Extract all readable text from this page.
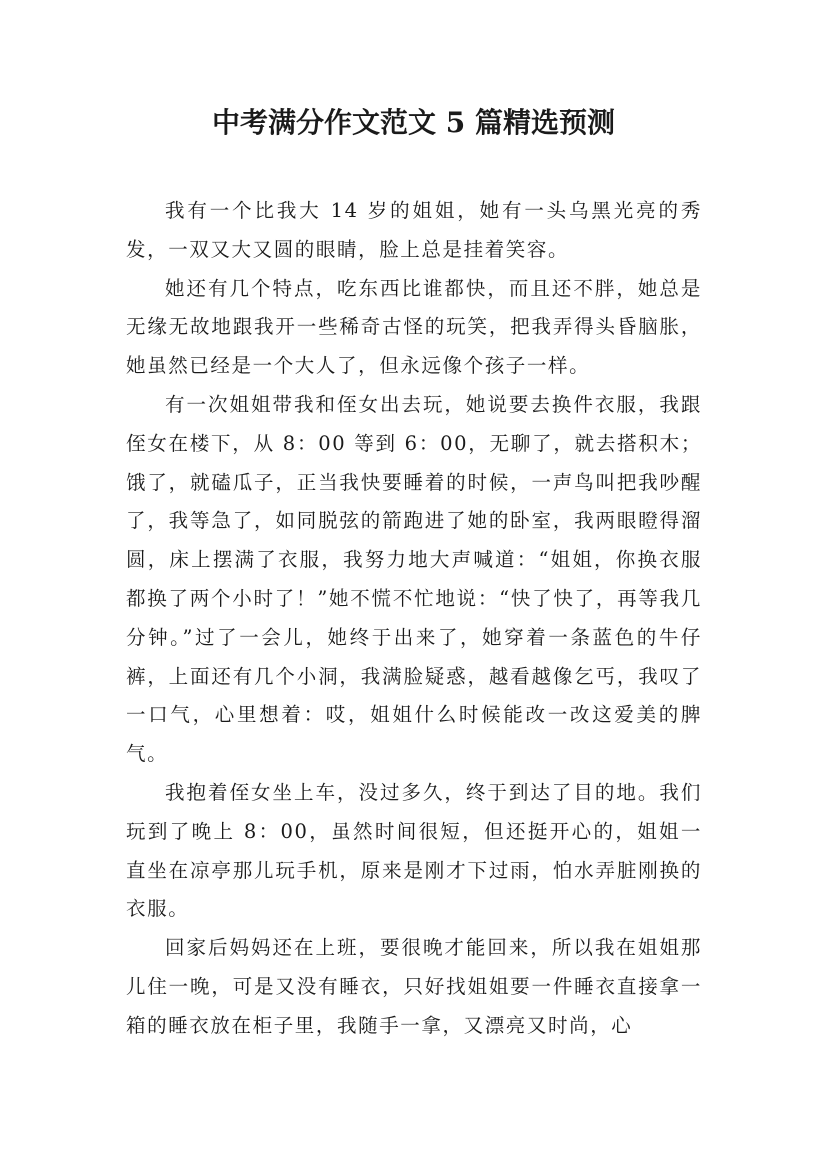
中考满分作文范文 5 篇精选预测

我有一个比我大 14 岁的姐姐，她有一头乌黑光亮的秀发，一双又大又圆的眼睛，脸上总是挂着笑容。

她还有几个特点，吃东西比谁都快，而且还不胖，她总是无缘无故地跟我开一些稀奇古怪的玩笑，把我弄得头昏脑胀，她虽然已经是一个大人了，但永远像个孩子一样。

有一次姐姐带我和侄女出去玩，她说要去换件衣服，我跟侄女在楼下，从 8：00 等到 6：00，无聊了，就去搭积木；饿了，就磕瓜子，正当我快要睡着的时候，一声鸟叫把我吵醒了，我等急了，如同脱弦的箭跑进了她的卧室，我两眼瞪得溜圆，床上摆满了衣服，我努力地大声喊道：“姐姐，你换衣服都换了两个小时了！”她不慌不忙地说：“快了快了，再等我几分钟。”过了一会儿，她终于出来了，她穿着一条蓝色的牛仔裤，上面还有几个小洞，我满脸疑惑，越看越像乞丐，我叹了一口气，心里想着：哎，姐姐什么时候能改一改这爱美的脾气。

我抱着侄女坐上车，没过多久，终于到达了目的地。我们玩到了晚上 8：00，虽然时间很短，但还挺开心的，姐姐一直坐在凉亭那儿玩手机，原来是刚才下过雨，怕水弄脏刚换的衣服。

回家后妈妈还在上班，要很晚才能回来，所以我在姐姐那儿住一晚，可是又没有睡衣，只好找姐姐要一件睡衣直接拿一箱的睡衣放在柜子里，我随手一拿，又漂亮又时尚，心
